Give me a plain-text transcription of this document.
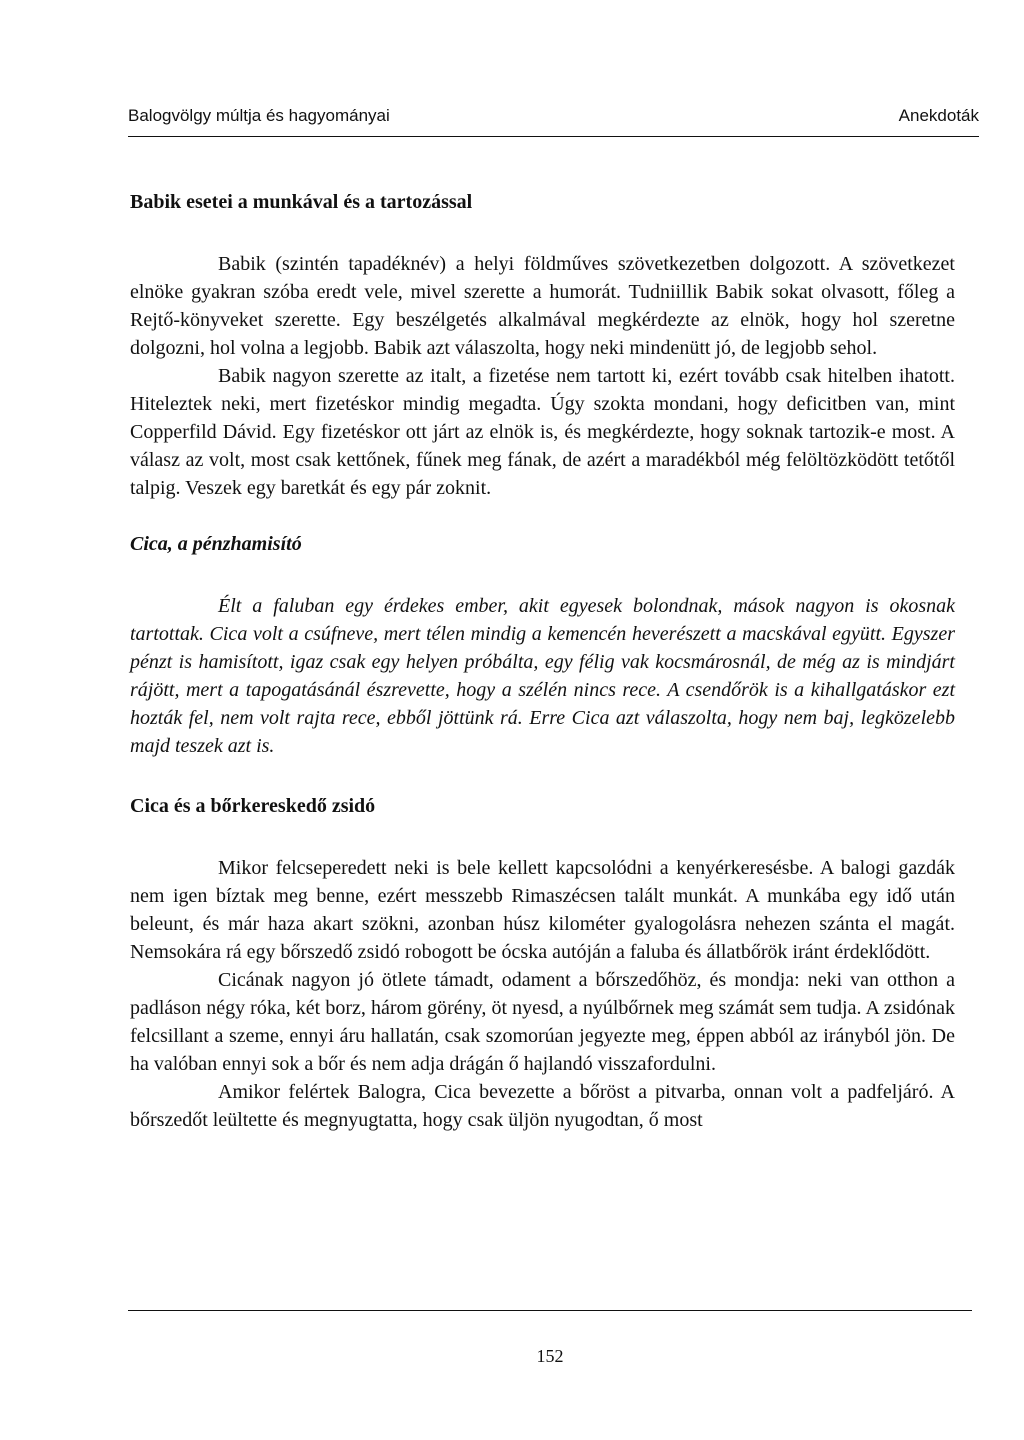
Balogvölgy múltja és hagyományai	Anekdoták
Babik esetei a munkával és a tartozással

Babik (szintén tapadéknév) a helyi földműves szövetkezetben dolgozott. A szövetkezet elnöke gyakran szóba eredt vele, mivel szerette a humorát. Tudniillik Babik sokat olvasott, főleg a Rejtő-könyveket szerette. Egy beszélgetés alkalmával megkérdezte az elnök, hogy hol szeretne dolgozni, hol volna a legjobb. Babik azt válaszolta, hogy neki mindenütt jó, de legjobb sehol.

Babik nagyon szerette az italt, a fizetése nem tartott ki, ezért tovább csak hitelben ihatott. Hiteleztek neki, mert fizetéskor mindig megadta. Úgy szokta mondani, hogy deficitben van, mint Copperfild Dávid. Egy fizetéskor ott járt az elnök is, és megkérdezte, hogy soknak tartozik-e most. A válasz az volt, most csak kettőnek, fűnek meg fának, de azért a maradékból még felöltözködött tetőtől talpig. Veszek egy baretkát és egy pár zoknit.

Cica, a pénzhamisító

Élt a faluban egy érdekes ember, akit egyesek bolondnak, mások nagyon is okosnak tartottak. Cica volt a csúfneve, mert télen mindig a kemencén heverészett a macskával együtt. Egyszer pénzt is hamisított, igaz csak egy helyen próbálta, egy félig vak kocsmárosnál, de még az is mindjárt rájött, mert a tapogatásánál észrevette, hogy a szélén nincs rece. A csendőrök is a kihallgatáskor ezt hozták fel, nem volt rajta rece, ebből jöttünk rá. Erre Cica azt válaszolta, hogy nem baj, legközelebb majd teszek azt is.

Cica és a bőrkereskedő zsidó

Mikor felcseperedett neki is bele kellett kapcsolódni a kenyérkeresésbe. A balogi gazdák nem igen bíztak meg benne, ezért messzebb Rimaszécsen talált munkát. A munkába egy idő után beleunt, és már haza akart szökni, azonban húsz kilométer gyalogolásra nehezen szánta el magát. Nemsokára rá egy bőrszedő zsidó robogott be ócska autóján a faluba és állatbőrök iránt érdeklődött.

Cicának nagyon jó ötlete támadt, odament a bőrszedőhöz, és mondja: neki van otthon a padláson négy róka, két borz, három görény, öt nyesd, a nyúlbőrnek meg számát sem tudja. A zsidónak felcsillant a szeme, ennyi áru hallatán, csak szomorúan jegyezte meg, éppen abból az irányból jön. De ha valóban ennyi sok a bőr és nem adja drágán ő hajlandó visszafordulni.

Amikor felértek Balogra, Cica bevezette a bőröst a pitvarba, onnan volt a padfeljáró. A bőrszedőt leültette és megnyugtatta, hogy csak üljön nyugodtan, ő most

152
